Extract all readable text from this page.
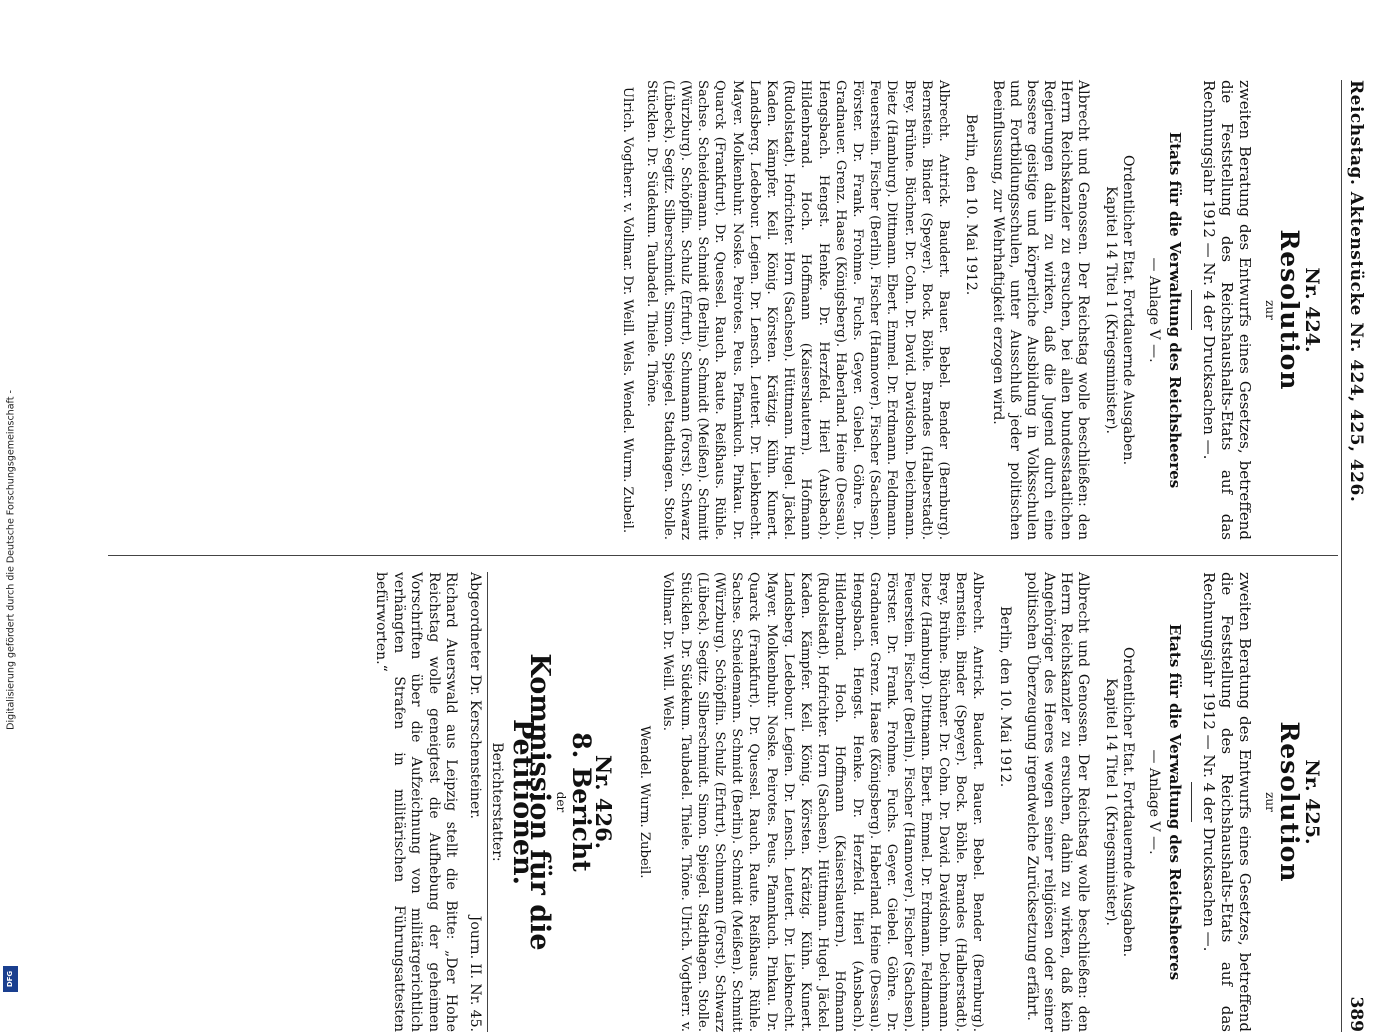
Digitalisierung gefördert durch die Deutsche Forschungsgemeinschaft -
DFG
Reichstag. Aktenstücke Nr. 424, 425, 426.
389
Nr. 424.
Resolution
zur
zweiten Beratung des Entwurfs eines Gesetzes, betreffend die Feststellung des Reichshaushalts-Etats auf das Rechnungsjahr 1912 — Nr. 4 der Drucksachen —.
Etats für die Verwaltung des Reichsheeres
— Anlage V —.
Ordentlicher Etat. Fortdauernde Ausgaben.
Kapitel 14 Titel 1 (Kriegsminister).
Albrecht und Genossen. Der Reichstag wolle beschließen: den Herrn Reichskanzler zu ersuchen, bei allen bundesstaatlichen Regierungen dahin zu wirken, daß die Jugend durch eine bessere geistige und körperliche Ausbildung in Volksschulen und Fortbildungsschulen, unter Ausschluß jeder politischen Beeinflussung, zur Wehrhaftigkeit erzogen wird.
Berlin, den 10. Mai 1912.
Albrecht. Antrick. Baudert. Bauer. Bebel. Bender (Bernburg). Bernstein. Binder (Speyer). Bock. Böhle. Brandes (Halberstadt). Brey. Brühne. Büchner. Dr. Cohn. Dr. David. Davidsohn. Deichmann. Dietz (Hamburg). Dittmann. Ebert. Emmel. Dr. Erdmann. Feldmann. Feuerstein. Fischer (Berlin). Fischer (Hannover). Fischer (Sachsen). Förster. Dr. Frank. Frohme. Fuchs. Geyer. Giebel. Göhre. Dr. Gradnauer. Grenz. Haase (Königsberg). Haberland. Heine (Dessau). Hengsbach. Hengst. Henke. Dr. Herzfeld. Hierl (Ansbach). Hildenbrand. Hoch. Hoffmann (Kaiserslautern). Hofmann (Rudolstadt). Hofrichter. Horn (Sachsen). Hüttmann. Hugel. Jäckel. Kaden. Kämpfer. Keil. König. Körsten. Krätzig. Kühn. Kunert. Landsberg. Ledebour. Legien. Dr. Lensch. Leutert. Dr. Liebknecht. Mayer. Molkenbuhr. Noske. Peirotes. Peus. Pfannkuch. Pinkau. Dr. Quarck (Frankfurt). Dr. Quessel. Rauch. Raute. Reißhaus. Rühle. Sachse. Scheidemann. Schmidt (Berlin). Schmidt (Meißen). Schmitt (Würzburg). Schöpflin. Schulz (Erfurt). Schumann (Forst). Schwarz (Lübeck). Segitz. Silberschmidt. Simon. Spiegel. Stadthagen. Stolle. Stücklen. Dr. Südekum. Taubadel. Thiele. Thöne.
Ulrich. Vogtherr. v. Vollmar. Dr. Weill. Wels. Wendel. Wurm. Zubeil.
Nr. 425.
Resolution
zur
zweiten Beratung des Entwurfs eines Gesetzes, betreffend die Feststellung des Reichshaushalts-Etats auf das Rechnungsjahr 1912 — Nr. 4 der Drucksachen —.
Etats für die Verwaltung des Reichsheeres
— Anlage V —.
Ordentlicher Etat. Fortdauernde Ausgaben.
Kapitel 14 Titel 1 (Kriegsminister).
Albrecht und Genossen. Der Reichstag wolle beschließen: den Herrn Reichskanzler zu ersuchen, dahin zu wirken, daß kein Angehöriger des Heeres wegen seiner religiösen oder seiner politischen Überzeugung irgendwelche Zurücksetzung erfährt.
Berlin, den 10. Mai 1912.
Albrecht. Antrick. Baudert. Bauer. Bebel. Bender (Bernburg). Bernstein. Binder (Speyer). Bock. Böhle. Brandes (Halberstadt). Brey. Brühne. Büchner. Dr. Cohn. Dr. David. Davidsohn. Deichmann. Dietz (Hamburg). Dittmann. Ebert. Emmel. Dr. Erdmann. Feldmann. Feuerstein. Fischer (Berlin). Fischer (Hannover). Fischer (Sachsen). Förster. Dr. Frank. Frohme. Fuchs. Geyer. Giebel. Göhre. Dr. Gradnauer. Grenz. Haase (Königsberg). Haberland. Heine (Dessau). Hengsbach. Hengst. Henke. Dr. Herzfeld. Hierl (Ansbach). Hildenbrand. Hoch. Hoffmann (Kaiserslautern). Hofmann (Rudolstadt). Hofrichter. Horn (Sachsen). Hüttmann. Hugel. Jäckel. Kaden. Kämpfer. Keil. König. Körsten. Krätzig. Kühn. Kunert. Landsberg. Ledebour. Legien. Dr. Lensch. Leutert. Dr. Liebknecht. Mayer. Molkenbuhr. Noske. Peirotes. Peus. Pfannkuch. Pinkau. Dr. Quarck (Frankfurt). Dr. Quessel. Rauch. Raute. Reißhaus. Rühle. Sachse. Scheidemann. Schmidt (Berlin). Schmidt (Meißen). Schmitt (Würzburg). Schöpflin. Schulz (Erfurt). Schumann (Forst). Schwarz (Lübeck). Segitz. Silberschmidt. Simon. Spiegel. Stadthagen. Stolle. Stücklen. Dr. Südekum. Taubadel. Thiele. Thöne. Ulrich. Vogtherr. v. Vollmar. Dr. Weill. Wels.
Wendel. Wurm. Zubeil.
Nr. 426.
8. Bericht
der
Kommission für die Petitionen.
Berichterstatter:
Abgeordneter Dr. Kerschensteiner.
Journ. II. Nr. 45.
Richard Auerswald aus Leipzig stellt die Bitte: „Der Hohe Reichstag wolle geneigtest die Aufhebung der geheimen Vorschriften über die Aufzeichnung von militärgerichtlich verhängten Strafen in militärischen Führungsattesten befürworten.“
